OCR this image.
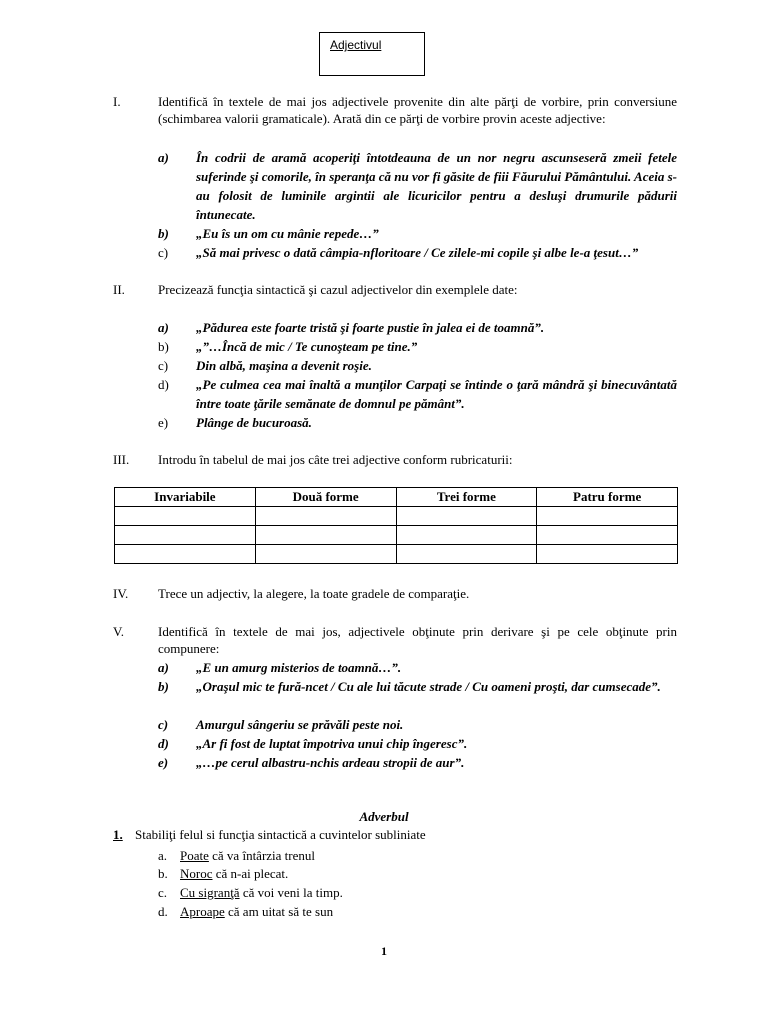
Adjectivul
I.	Identifică în textele de mai jos adjectivele provenite din alte părţi de vorbire, prin conversiune (schimbarea valorii gramaticale). Arată din ce părţi de vorbire provin aceste adjective:
a) În codrii de aramă acoperiţi întotdeauna de un nor negru ascunseseră zmeii fetele suferinde şi comorile, în speranţa că nu vor fi găsite de fiii Făurului Pământului. Aceia s-au folosit de luminile argintii ale licuricilor pentru a desluşi drumurile pădurii întunecate.
b) „Eu îs un om cu mânie repede…”
c) „Să mai privesc o dată câmpia-nfloritoare / Ce zilele-mi copile şi albe le-a ţesut…”
II.	Precizează funcţia sintactică şi cazul adjectivelor din exemplele date:
a) „Pădurea este foarte tristă şi foarte pustie în jalea ei de toamnă”.
b) „”…Încă de mic / Te cunoşteam pe tine.”
c) Din albă, maşina a devenit roşie.
d) „Pe culmea cea mai înaltă a munţilor Carpaţi se întinde o ţară mândră şi binecuvântată între toate ţările semănate de domnul pe pământ”.
e) Plânge de bucuroasă.
III. Introdu în tabelul de mai jos câte trei adjective conform rubricaturii:
Invariabile	Două forme	Trei forme	Patru forme

IV. Trece un adjectiv, la alegere, la toate gradele de comparaţie.
V.	Identifică în textele de mai jos, adjectivele obţinute prin derivare şi pe cele obţinute prin compunere:
a) „E un amurg misterios de toamnă…”.
b) „Oraşul mic te fură-ncet / Cu ale lui tăcute strade / Cu oameni proşti, dar cumsecade”.
c) Amurgul sângeriu se prăvăli peste noi.
d) „Ar fi fost de luptat împotriva unui chip îngeresc”.
e) „…pe cerul albastru-nchis ardeau stropii de aur”.
Adverbul
1. Stabiliţi felul si funcţia sintactică a cuvintelor subliniate
a. Poate că va întârzia trenul
b. Noroc că n-ai plecat.
c. Cu sigranţă că voi veni la timp.
d. Aproape că am uitat să te sun
1
